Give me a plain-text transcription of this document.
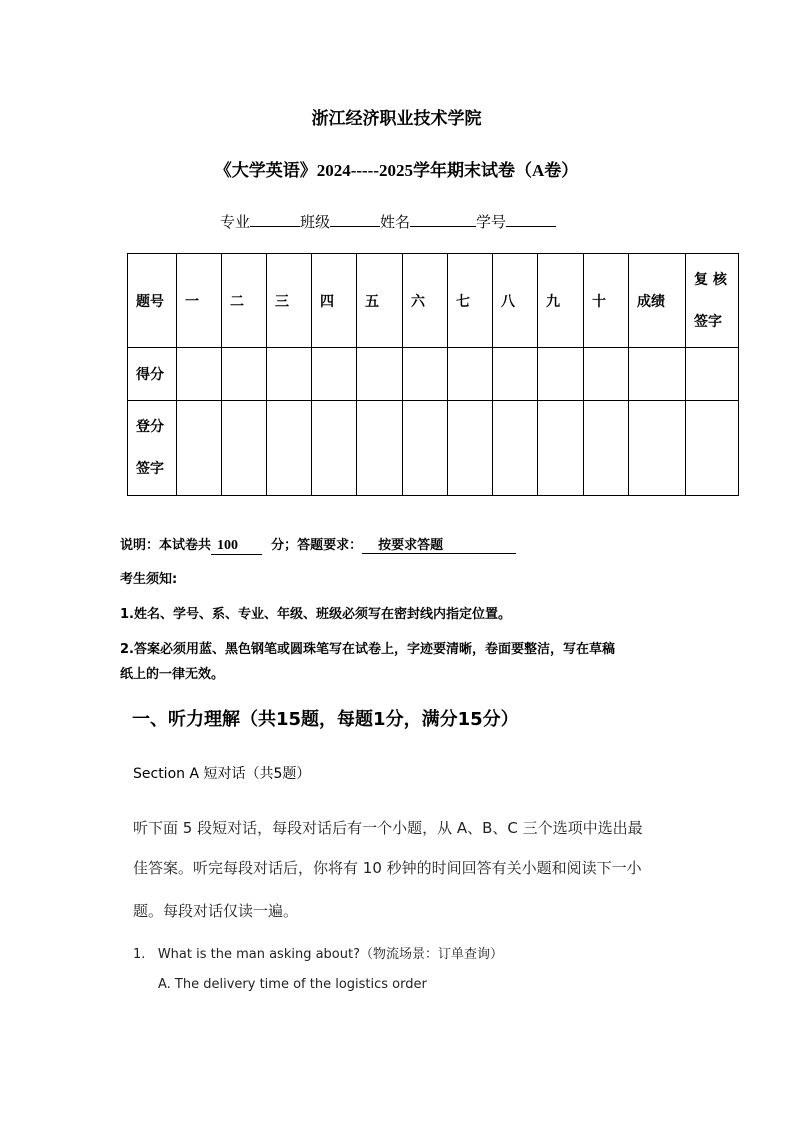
浙江经济职业技术学院
《大学英语》2024-----2025学年期末试卷（A卷）
专业	班级	姓名	学号
题号	一	二	三	四	五	六	七	八	九	十	成绩	复 核
签字

得分												

登分
签字												

说明：本试卷共 100	分；答题要求： 按要求答题
考生须知:
1.姓名、学号、系、专业、年级、班级必须写在密封线内指定位置。
2.答案必须用蓝、黑色钢笔或圆珠笔写在试卷上，字迹要清晰，卷面要整洁，写在草稿
纸上的一律无效。
一、听力理解（共15题，每题1分，满分15分）
Section A 短对话（共5题）
听下面 5 段短对话，每段对话后有一个小题，从 A、B、C 三个选项中选出最
佳答案。听完每段对话后，你将有 10 秒钟的时间回答有关小题和阅读下一小
题。每段对话仅读一遍。
1. What is the man asking about?（物流场景：订单查询）
A. The delivery time of the logistics order
